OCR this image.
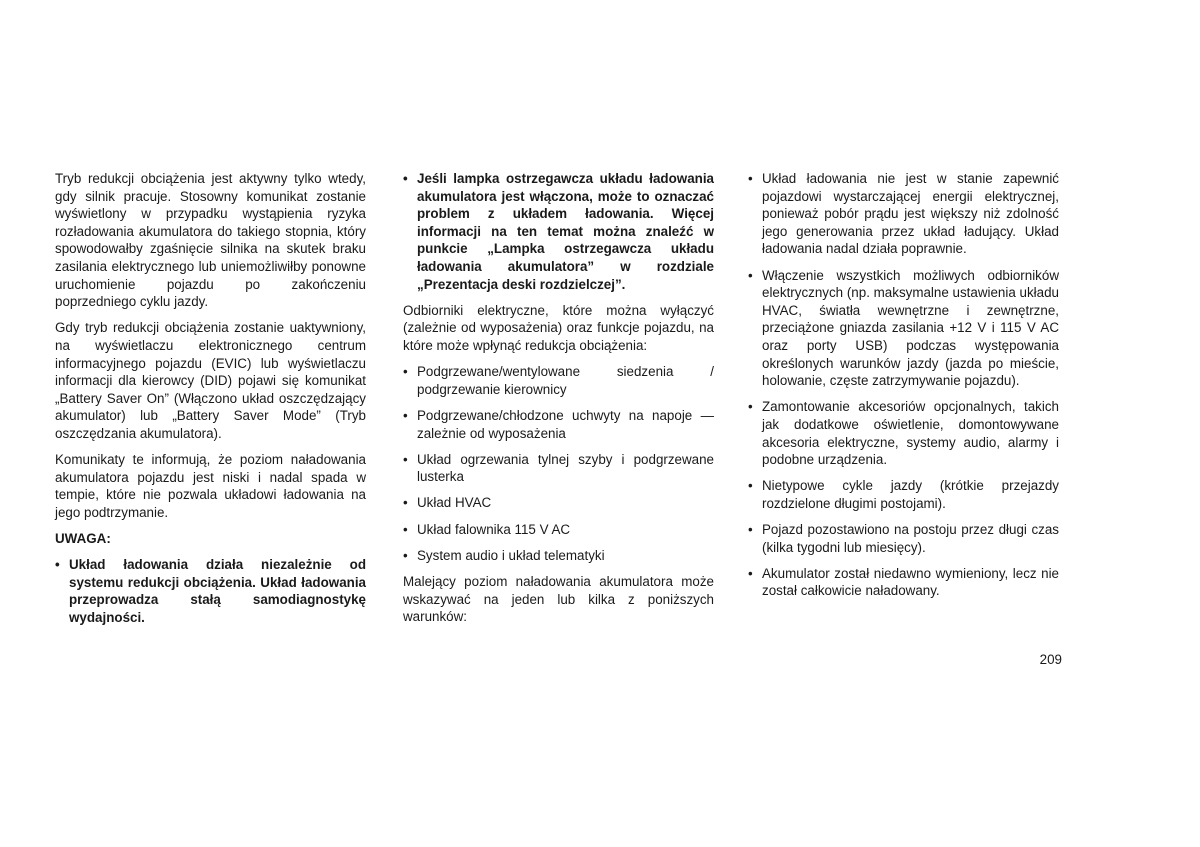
Tryb redukcji obciążenia jest aktywny tylko wtedy, gdy silnik pracuje. Stosowny komunikat zostanie wyświetlony w przypadku wystąpienia ryzyka rozładowania akumulatora do takiego stopnia, który spowodowałby zgaśnięcie silnika na skutek braku zasilania elektrycznego lub uniemożliwiłby ponowne uruchomienie pojazdu po zakończeniu poprzedniego cyklu jazdy.

Gdy tryb redukcji obciążenia zostanie uaktywniony, na wyświetlaczu elektronicznego centrum informacyjnego pojazdu (EVIC) lub wyświetlaczu informacji dla kierowcy (DID) pojawi się komunikat „Battery Saver On” (Włączono układ oszczędzający akumulator) lub „Battery Saver Mode” (Tryb oszczędzania akumulatora).

Komunikaty te informują, że poziom naładowania akumulatora pojazdu jest niski i nadal spada w tempie, które nie pozwala układowi ładowania na jego podtrzymanie.

UWAGA:
• Układ ładowania działa niezależnie od systemu redukcji obciążenia. Układ ładowania przeprowadza stałą samodiagnostykę wydajności.
• Jeśli lampka ostrzegawcza układu ładowania akumulatora jest włączona, może to oznaczać problem z układem ładowania. Więcej informacji na ten temat można znaleźć w punkcie „Lampka ostrzegawcza układu ładowania akumulatora” w rozdziale „Prezentacja deski rozdzielczej”.

Odbiorniki elektryczne, które można wyłączyć (zależnie od wyposażenia) oraz funkcje pojazdu, na które może wpłynąć redukcja obciążenia:

• Podgrzewane/wentylowane siedzenia / podgrzewanie kierownicy
• Podgrzewane/chłodzone uchwyty na napoje — zależnie od wyposażenia
• Układ ogrzewania tylnej szyby i podgrzewane lusterka
• Układ HVAC
• Układ falownika 115 V AC
• System audio i układ telematyki

Malejący poziom naładowania akumulatora może wskazywać na jeden lub kilka z poniższych warunków:

• Układ ładowania nie jest w stanie zapewnić pojazdowi wystarczającej energii elektrycznej, ponieważ pobór prądu jest większy niż zdolność jego generowania przez układ ładujący. Układ ładowania nadal działa poprawnie.
• Włączenie wszystkich możliwych odbiorników elektrycznych (np. maksymalne ustawienia układu HVAC, światła wewnętrzne i zewnętrzne, przeciążone gniazda zasilania +12 V i 115 V AC oraz porty USB) podczas występowania określonych warunków jazdy (jazda po mieście, holowanie, częste zatrzymywanie pojazdu).
• Zamontowanie akcesoriów opcjonalnych, takich jak dodatkowe oświetlenie, domontowywane akcesoria elektryczne, systemy audio, alarmy i podobne urządzenia.
• Nietypowe cykle jazdy (krótkie przejazdy rozdzielone długimi postojami).
• Pojazd pozostawiono na postoju przez długi czas (kilka tygodni lub miesięcy).
• Akumulator został niedawno wymieniony, lecz nie został całkowicie naładowany.
209
